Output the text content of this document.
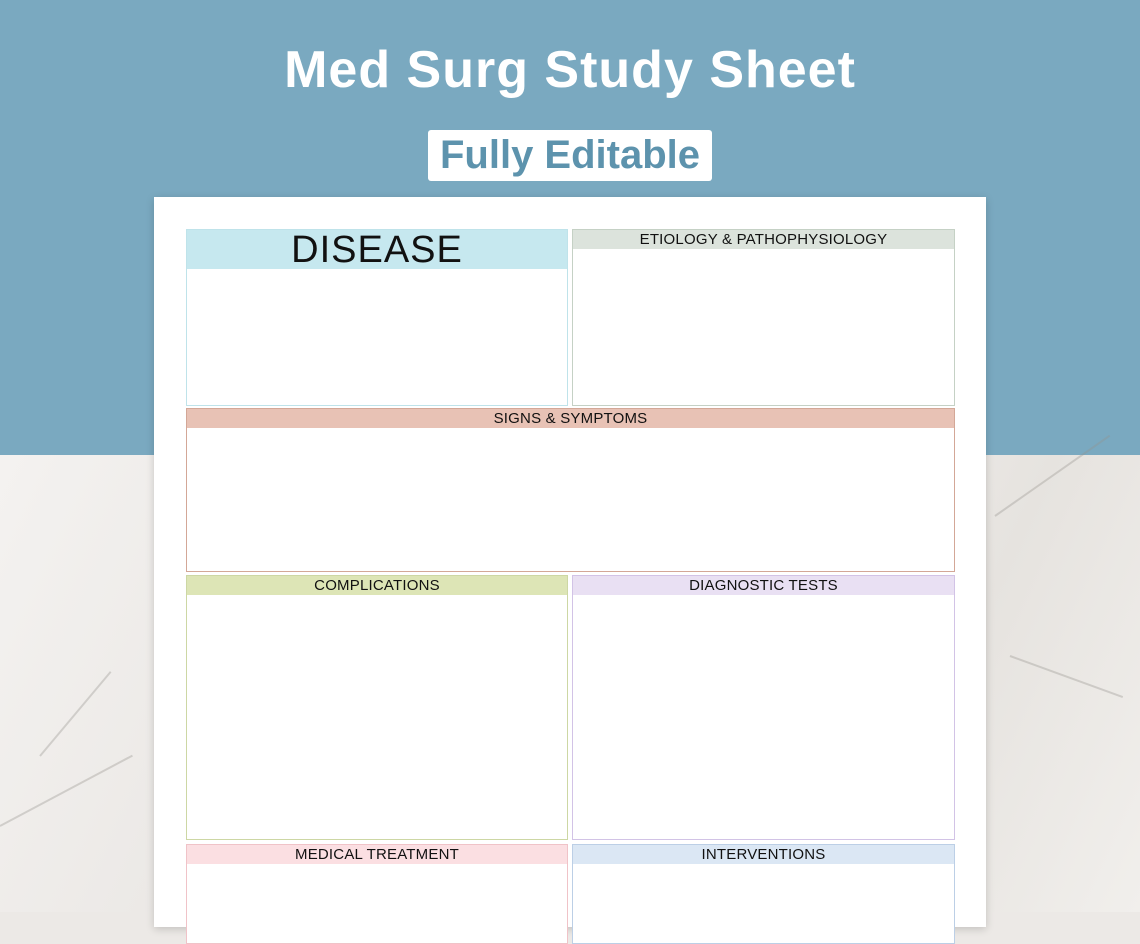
Med Surg Study Sheet
Fully Editable
DISEASE	ETIOLOGY & PATHOPHYSIOLOGY
SIGNS & SYMPTOMS
COMPLICATIONS	DIAGNOSTIC TESTS
MEDICAL TREATMENT	INTERVENTIONS
